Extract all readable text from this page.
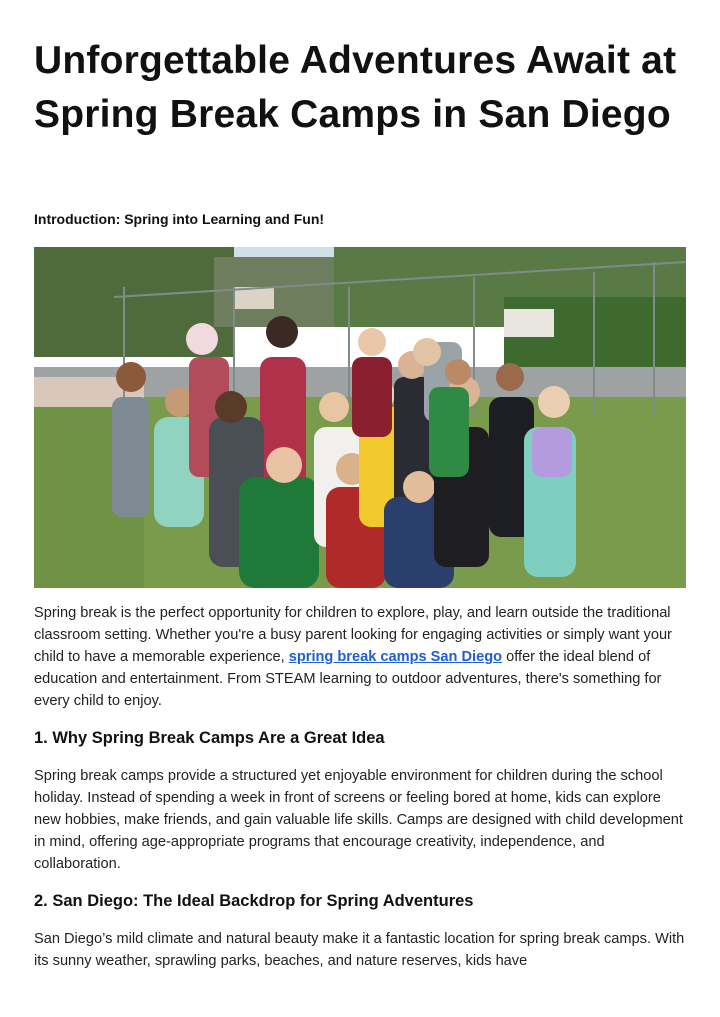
Unforgettable Adventures Await at Spring Break Camps in San Diego

Introduction: Spring into Learning and Fun!

Spring break is the perfect opportunity for children to explore, play, and learn outside the traditional classroom setting. Whether you're a busy parent looking for engaging activities or simply want your child to have a memorable experience, spring break camps San Diego offer the ideal blend of education and entertainment. From STEAM learning to outdoor adventures, there's something for every child to enjoy.

1. Why Spring Break Camps Are a Great Idea

Spring break camps provide a structured yet enjoyable environment for children during the school holiday. Instead of spending a week in front of screens or feeling bored at home, kids can explore new hobbies, make friends, and gain valuable life skills. Camps are designed with child development in mind, offering age-appropriate programs that encourage creativity, independence, and collaboration.

2. San Diego: The Ideal Backdrop for Spring Adventures

San Diego’s mild climate and natural beauty make it a fantastic location for spring break camps. With its sunny weather, sprawling parks, beaches, and nature reserves, kids have
